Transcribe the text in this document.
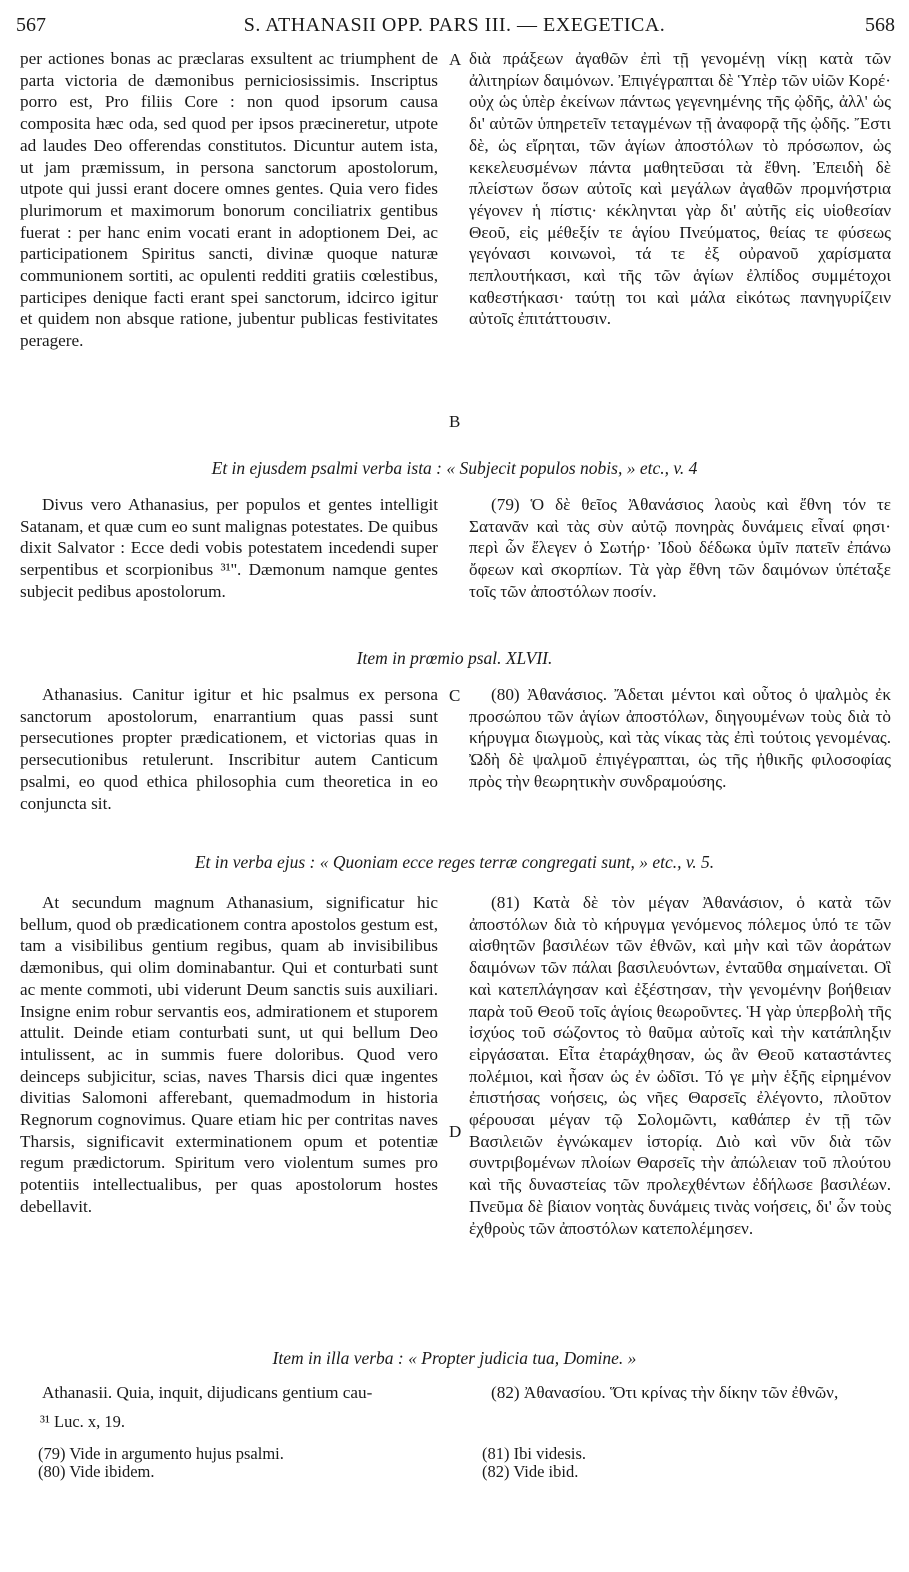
567	S. ATHANASII OPP. PARS III. — EXEGETICA.	568

per actiones bonas ac præclaras exsultent ac triumphent de parta victoria de dæmonibus perniciosissimis. Inscriptus porro est, Pro filiis Core : non quod ipsorum causa composita hæc oda, sed quod per ipsos præcineretur, utpote ad laudes Deo offerendas constitutos. Dicuntur autem ista, ut jam præmissum, in persona sanctorum apostolorum, utpote qui jussi erant docere omnes gentes. Quia vero fides plurimorum et maximorum bonorum conciliatrix gentibus fuerat : per hanc enim vocati erant in adoptionem Dei, ac participationem Spiritus sancti, divinæ quoque naturæ communionem sortiti, ac opulenti redditi gratiis cœlestibus, participes denique facti erant spei sanctorum, idcirco igitur et quidem non absque ratione, jubentur publicas festivitates peragere.

A διὰ πράξεων ἀγαθῶν ἐπὶ τῇ γενομένῃ νίκῃ κατὰ τῶν ἀλιτηρίων δαιμόνων. Ἐπιγέγραπται δὲ Ὑπὲρ τῶν υἱῶν Κορέ· οὐχ ὡς ὑπὲρ ἐκείνων πάντως γεγενημένης τῆς ᾠδῆς, ἀλλ' ὡς δι' αὐτῶν ὑπηρετεῖν τεταγμένων τῇ ἀναφορᾷ τῆς ᾠδῆς. Ἔστι δὲ, ὡς εἴρηται, τῶν ἁγίων ἀποστόλων τὸ πρόσωπον, ὡς κεκελευσμένων πάντα μαθητεῦσαι τὰ ἔθνη. Ἐπειδὴ δὲ πλείστων ὅσων αὐτοῖς καὶ μεγάλων ἀγαθῶν προμνήστρια γέγονεν ἡ πίστις· κέκληνται γὰρ δι' αὐτῆς εἰς υἱοθεσίαν Θεοῦ, εἰς μέθεξίν τε ἁγίου Πνεύματος, θείας τε φύσεως γεγόνασι κοινωνοὶ, τά τε ἐξ οὐρανοῦ χαρίσματα πεπλουτήκασι, καὶ τῆς τῶν ἁγίων ἐλπίδος συμμέτοχοι καθεστήκασι· ταύτῃ τοι καὶ μάλα εἰκότως πανηγυρίζειν αὐτοῖς ἐπιτάττουσιν.

B
Et in ejusdem psalmi verba ista : « Subjecit populos nobis, » etc., v. 4

Divus vero Athanasius, per populos et gentes intelligit Satanam, et quæ cum eo sunt malignas potestates. De quibus dixit Salvator : Ecce dedi vobis potestatem incedendi super serpentibus et scorpionibus ³¹''. Dæmonum namque gentes subjecit pedibus apostolorum.

(79) Ὁ δὲ θεῖος Ἀθανάσιος λαοὺς καὶ ἔθνη τόν τε Σατανᾶν καὶ τὰς σὺν αὐτῷ πονηρὰς δυνάμεις εἶναί φησι· περὶ ὧν ἔλεγεν ὁ Σωτήρ· Ἰδοὺ δέδωκα ὑμῖν πατεῖν ἐπάνω ὄφεων καὶ σκορπίων. Τὰ γὰρ ἔθνη τῶν δαιμόνων ὑπέταξε τοῖς τῶν ἀποστόλων ποσίν.

Item in prœmio psal. XLVII.

Athanasius. Canitur igitur et hic psalmus ex persona sanctorum apostolorum, enarrantium quas passi sunt persecutiones propter prædicationem, et victorias quas in persecutionibus retulerunt. Inscribitur autem Canticum psalmi, eo quod ethica philosophia cum theoretica in eo conjuncta sit.

C	(80) Ἀθανάσιος. Ἄδεται μέντοι καὶ οὗτος ὁ ψαλμὸς ἐκ προσώπου τῶν ἁγίων ἀποστόλων, διηγουμένων τοὺς διὰ τὸ κήρυγμα διωγμοὺς, καὶ τὰς νίκας τὰς ἐπὶ τούτοις γενομένας. Ὠδὴ δὲ ψαλμοῦ ἐπιγέγραπται, ὡς τῆς ἠθικῆς φιλοσοφίας πρὸς τὴν θεωρητικὴν συνδραμούσης.

Et in verba ejus : « Quoniam ecce reges terræ congregati sunt, » etc., v. 5.

At secundum magnum Athanasium, significatur hic bellum, quod ob prædicationem contra apostolos gestum est, tam a visibilibus gentium regibus, quam ab invisibilibus dæmonibus, qui olim dominabantur. Qui et conturbati sunt ac mente commoti, ubi viderunt Deum sanctis suis auxiliari. Insigne enim robur servantis eos, admirationem et stuporem attulit. Deinde etiam conturbati sunt, ut qui bellum Deo intulissent, ac in summis fuere doloribus. Quod vero deinceps subjicitur, scias, naves Tharsis dici quæ ingentes divitias Salomoni afferebant, quemadmodum in historia Regnorum cognovimus. Quare etiam hic per contritas naves Tharsis, significavit exterminationem opum et potentiæ regum prædictorum. Spiritum vero violentum sumes pro potentiis intellectualibus, per quas apostolorum hostes debellavit.

D

(81) Κατὰ δὲ τὸν μέγαν Ἀθανάσιον, ὁ κατὰ τῶν ἀποστόλων διὰ τὸ κήρυγμα γενόμενος πόλεμος ὑπό τε τῶν αἰσθητῶν βασιλέων τῶν ἐθνῶν, καὶ μὴν καὶ τῶν ἀοράτων δαιμόνων τῶν πάλαι βασιλευόντων, ἐνταῦθα σημαίνεται. Οἳ καὶ κατεπλάγησαν καὶ ἐξέστησαν, τὴν γενομένην βοήθειαν παρὰ τοῦ Θεοῦ τοῖς ἁγίοις θεωροῦντες. Ἡ γὰρ ὑπερβολὴ τῆς ἰσχύος τοῦ σώζοντος τὸ θαῦμα αὐτοῖς καὶ τὴν κατάπληξιν εἰργάσαται. Εἶτα ἐταράχθησαν, ὡς ἂν Θεοῦ καταστάντες πολέμιοι, καὶ ἦσαν ὡς ἐν ὠδῖσι. Τό γε μὴν ἑξῆς εἰρημένον ἐπιστήσας νοήσεις, ὡς νῆες Θαρσεῖς ἐλέγοντο, πλοῦτον φέρουσαι μέγαν τῷ Σολομῶντι, καθάπερ ἐν τῇ τῶν Βασιλειῶν ἐγνώκαμεν ἱστορίᾳ. Διὸ καὶ νῦν διὰ τῶν συντριβομένων πλοίων Θαρσεῖς τὴν ἀπώλειαν τοῦ πλούτου καὶ τῆς δυναστείας τῶν προλεχθέντων ἐδήλωσε βασιλέων. Πνεῦμα δὲ βίαιον νοητὰς δυνάμεις τινὰς νοήσεις, δι' ὧν τοὺς ἐχθροὺς τῶν ἀποστόλων κατεπολέμησεν.

Item in illa verba : « Propter judicia tua, Domine. »

Athanasii. Quia, inquit, dijudicans gentium cau-	(82) Ἀθανασίου. Ὅτι κρίνας τὴν δίκην τῶν ἐθνῶν,

³¹ Luc. x, 19.
(79) Vide in argumento hujus psalmi.
(80) Vide ibidem.
(81) Ibi videsis.
(82) Vide ibid.
